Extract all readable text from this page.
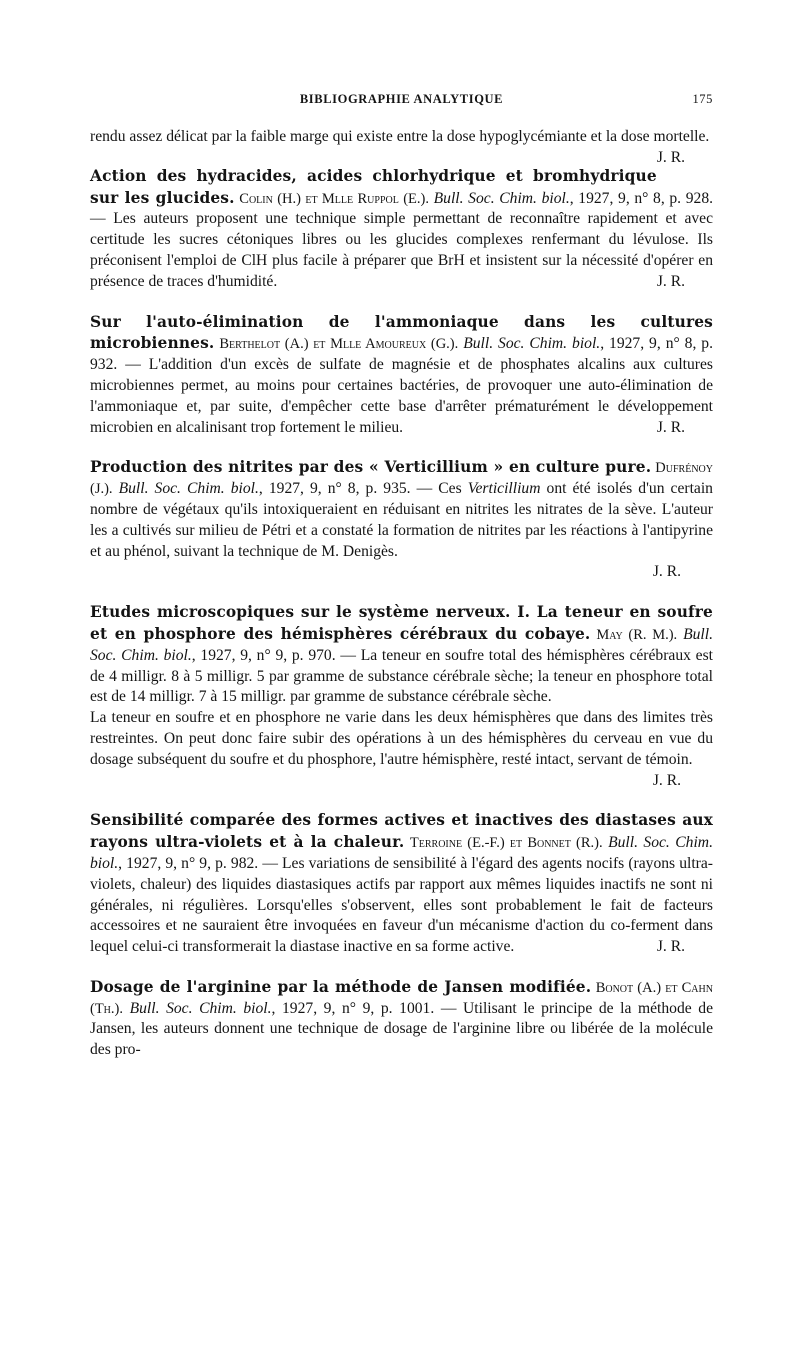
BIBLIOGRAPHIE ANALYTIQUE	175

rendu assez délicat par la faible marge qui existe entre la dose hypoglycémiante et la dose mortelle.
J. R.

Action des hydracides, acides chlorhydrique et bromhydrique sur les glucides. Colin (H.) et Mlle Ruppol (E.). Bull. Soc. Chim. biol., 1927, 9, n° 8, p. 928. — Les auteurs proposent une technique simple permettant de reconnaître rapidement et avec certitude les sucres cétoniques libres ou les glucides complexes renfermant du lévulose. Ils préconisent l'emploi de ClH plus facile à préparer que BrH et insistent sur la nécessité d'opérer en présence de traces d'humidité.	J. R.

Sur l'auto-élimination de l'ammoniaque dans les cultures microbiennes. Berthelot (A.) et Mlle Amoureux (G.). Bull. Soc. Chim. biol., 1927, 9, n° 8, p. 932. — L'addition d'un excès de sulfate de magnésie et de phosphates alcalins aux cultures microbiennes permet, au moins pour certaines bactéries, de provoquer une auto-élimination de l'ammoniaque et, par suite, d'empêcher cette base d'arrêter prématurément le développement microbien en alcalinisant trop fortement le milieu.	J. R.

Production des nitrites par des « Verticillium » en culture pure. Dufrénoy (J.). Bull. Soc. Chim. biol., 1927, 9, n° 8, p. 935. — Ces Verticillium ont été isolés d'un certain nombre de végétaux qu'ils intoxiqueraient en réduisant en nitrites les nitrates de la sève. L'auteur les a cultivés sur milieu de Pétri et a constaté la formation de nitrites par les réactions à l'antipyrine et au phénol, suivant la technique de M. Denigès.

J. R.

Etudes microscopiques sur le système nerveux. I. La teneur en soufre et en phosphore des hémisphères cérébraux du cobaye. May (R. M.). Bull. Soc. Chim. biol., 1927, 9, n° 9, p. 970. — La teneur en soufre total des hémisphères cérébraux est de 4 milligr. 8 à 5 milligr. 5 par gramme de substance cérébrale sèche; la teneur en phosphore total est de 14 milligr. 7 à 15 milligr. par gramme de substance cérébrale sèche.

La teneur en soufre et en phosphore ne varie dans les deux hémisphères que dans des limites très restreintes. On peut donc faire subir des opérations à un des hémisphères du cerveau en vue du dosage subséquent du soufre et du phosphore, l'autre hémisphère, resté intact, servant de témoin.

J. R.

Sensibilité comparée des formes actives et inactives des diastases aux rayons ultra-violets et à la chaleur. Terroine (E.-F.) et Bonnet (R.). Bull. Soc. Chim. biol., 1927, 9, n° 9, p. 982. — Les variations de sensibilité à l'égard des agents nocifs (rayons ultra-violets, chaleur) des liquides diastasiques actifs par rapport aux mêmes liquides inactifs ne sont ni générales, ni régulières. Lorsqu'elles s'observent, elles sont probablement le fait de facteurs accessoires et ne sauraient être invoquées en faveur d'un mécanisme d'action du co-ferment dans lequel celui-ci transformerait la diastase inactive en sa forme active.	J. R.

Dosage de l'arginine par la méthode de Jansen modifiée. Bonot (A.) et Cahn (Th.). Bull. Soc. Chim. biol., 1927, 9, n° 9, p. 1001. — Utilisant le principe de la méthode de Jansen, les auteurs donnent une technique de dosage de l'arginine libre ou libérée de la molécule des pro-
